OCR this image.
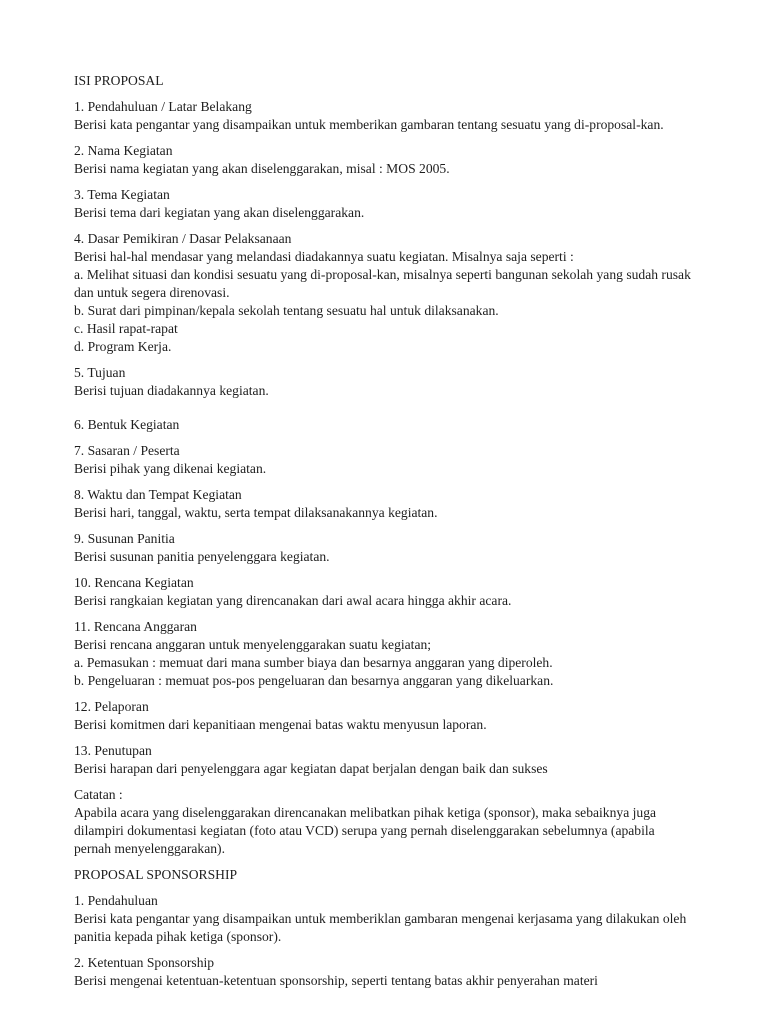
ISI PROPOSAL

1. Pendahuluan / Latar Belakang

Berisi kata pengantar yang disampaikan untuk memberikan gambaran tentang sesuatu yang di-proposal-kan.

2. Nama Kegiatan

Berisi nama kegiatan yang akan diselenggarakan, misal : MOS 2005.

3. Tema Kegiatan

Berisi tema dari kegiatan yang akan diselenggarakan.

4. Dasar Pemikiran / Dasar Pelaksanaan

Berisi hal-hal mendasar yang melandasi diadakannya suatu kegiatan. Misalnya saja seperti :

a. Melihat situasi dan kondisi sesuatu yang di-proposal-kan, misalnya seperti bangunan sekolah yang sudah rusak dan untuk segera direnovasi.

b. Surat dari pimpinan/kepala sekolah tentang sesuatu hal untuk dilaksanakan.

c. Hasil rapat-rapat

d. Program Kerja.

5. Tujuan

Berisi tujuan diadakannya kegiatan.

6. Bentuk Kegiatan

7. Sasaran / Peserta

Berisi pihak yang dikenai kegiatan.

8. Waktu dan Tempat Kegiatan

Berisi hari, tanggal, waktu, serta tempat dilaksanakannya kegiatan.

9. Susunan Panitia

Berisi susunan panitia penyelenggara kegiatan.

10. Rencana Kegiatan

Berisi rangkaian kegiatan yang direncanakan dari awal acara hingga akhir acara.

11. Rencana Anggaran

Berisi rencana anggaran untuk menyelenggarakan suatu kegiatan;

a. Pemasukan : memuat dari mana sumber biaya dan besarnya anggaran yang diperoleh.

b. Pengeluaran : memuat pos-pos pengeluaran dan besarnya anggaran yang dikeluarkan.

12. Pelaporan

Berisi komitmen dari kepanitiaan mengenai batas waktu menyusun laporan.

13. Penutupan

Berisi harapan dari penyelenggara agar kegiatan dapat berjalan dengan baik dan sukses

Catatan :

Apabila acara yang diselenggarakan direncanakan melibatkan pihak ketiga (sponsor), maka sebaiknya juga dilampiri dokumentasi kegiatan (foto atau VCD) serupa yang pernah diselenggarakan sebelumnya (apabila pernah menyelenggarakan).

PROPOSAL SPONSORSHIP

1. Pendahuluan

Berisi kata pengantar yang disampaikan untuk memberiklan gambaran mengenai kerjasama yang dilakukan oleh panitia kepada pihak ketiga (sponsor).

2. Ketentuan Sponsorship

Berisi mengenai ketentuan-ketentuan sponsorship, seperti tentang batas akhir penyerahan materi
